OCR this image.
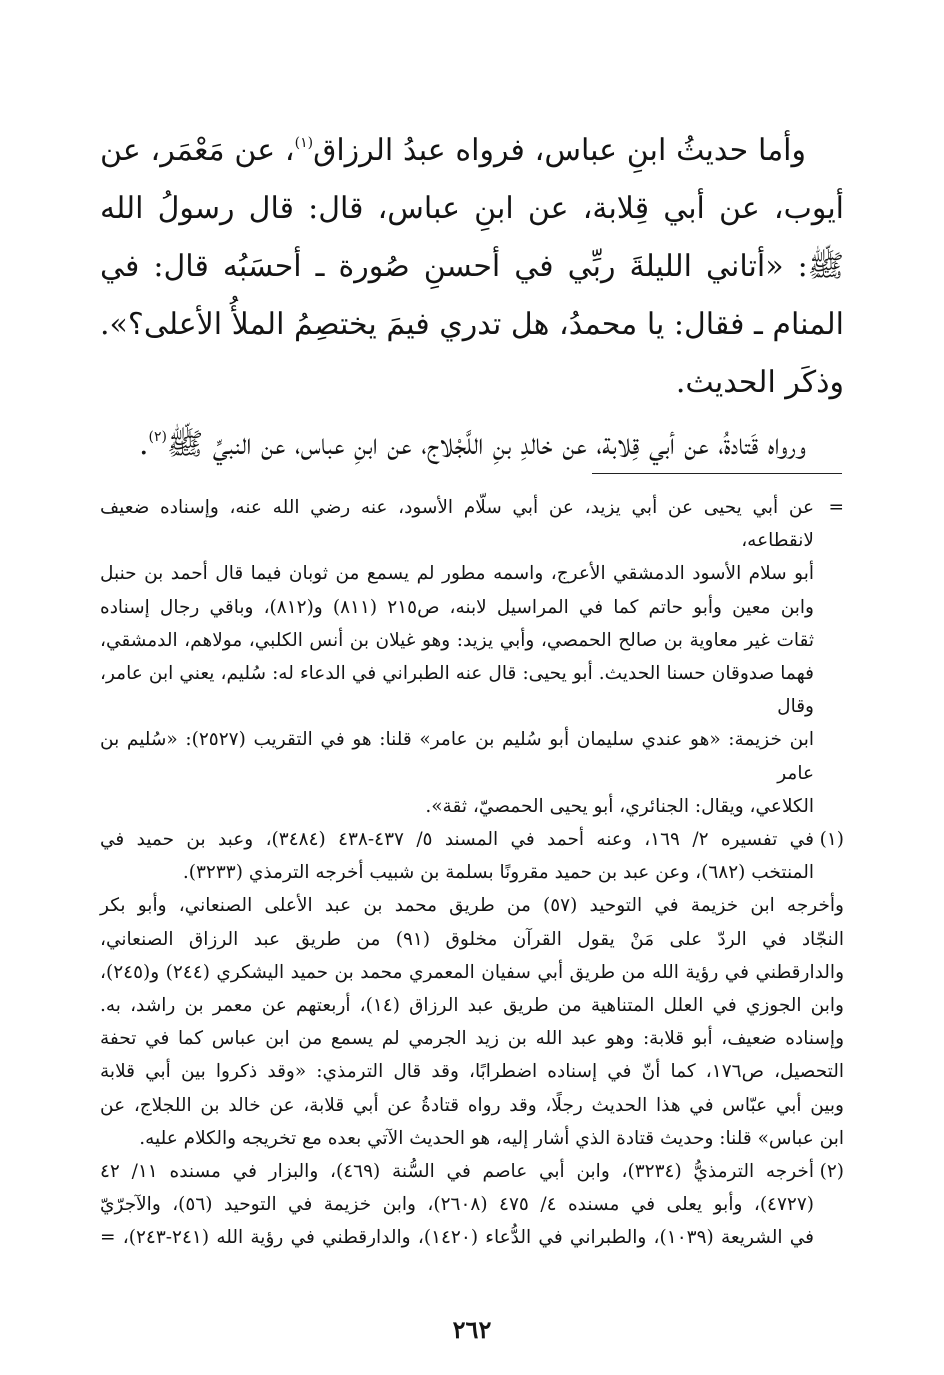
وأما حديثُ ابنِ عباس، فرواه عبدُ الرزاق$^{(١)}$، عن مَعْمَر، عن أيوب، عن أبي قِلابة، عن ابنِ عباس، قال: قال رسولُ الله ﷺ: «أتاني الليلةَ ربِّي في أحسنِ صُورة ـ أحسَبُه قال: في المنام ـ فقال: يا محمدُ، هل تدري فيمَ يختصِمُ الملأُ الأعلى؟». وذكَر الحديث.

ورواه قَتادةُ، عن أبي قِلابة، عن خالدِ بنِ اللَّجْلاج، عن ابنِ عباس، عن النبيِّ ﷺ$^{(٢)}$.

=
عن أبي يحيى عن أبي يزيد، عن أبي سلّام الأسود، عنه رضي الله عنه، وإسناده ضعيف لانقطاعه،
أبو سلام الأسود الدمشقي الأعرج، واسمه مطور لم يسمع من ثوبان فيما قال أحمد بن حنبل
وابن معين وأبو حاتم كما في المراسيل لابنه، ص٢١٥ (٨١١) و(٨١٢)، وباقي رجال إسناده
ثقات غير معاوية بن صالح الحمصي، وأبي يزيد: وهو غيلان بن أنس الكلبي، مولاهم، الدمشقي،
فهما صدوقان حسنا الحديث. أبو يحيى: قال عنه الطبراني في الدعاء له: سُليم، يعني ابن عامر، وقال
ابن خزيمة: «هو عندي سليمان أبو سُليم بن عامر» قلنا: هو في التقريب (٢٥٢٧): «سُليم بن عامر
الكلاعي، ويقال: الجنائري، أبو يحيى الحمصيّ، ثقة».
(١)
في تفسيره ٢/ ١٦٩، وعنه أحمد في المسند ٥/ ٤٣٧-٤٣٨ (٣٤٨٤)، وعبد بن حميد في
المنتخب (٦٨٢)، وعن عبد بن حميد مقرونًا بسلمة بن شبيب أخرجه الترمذي (٣٢٣٣).
وأخرجه ابن خزيمة في التوحيد (٥٧) من طريق محمد بن عبد الأعلى الصنعاني، وأبو بكر
النجّاد في الردّ على مَنْ يقول القرآن مخلوق (٩١) من طريق عبد الرزاق الصنعاني،
والدارقطني في رؤية الله من طريق أبي سفيان المعمري محمد بن حميد اليشكري (٢٤٤) و(٢٤٥)،
وابن الجوزي في العلل المتناهية من طريق عبد الرزاق (١٤)، أربعتهم عن معمر بن راشد، به.
وإسناده ضعيف، أبو قلابة: وهو عبد الله بن زيد الجرمي لم يسمع من ابن عباس كما في تحفة
التحصيل، ص١٧٦، كما أنّ في إسناده اضطرابًا، وقد قال الترمذي: «وقد ذكروا بين أبي قلابة
وبين أبي عبّاس في هذا الحديث رجلًا، وقد رواه قتادةُ عن أبي قلابة، عن خالد بن اللجلاج، عن
ابن عباس» قلنا: وحديث قتادة الذي أشار إليه، هو الحديث الآتي بعده مع تخريجه والكلام عليه.
(٢)
أخرجه الترمذيُّ (٣٢٣٤)، وابن أبي عاصم في السُّنة (٤٦٩)، والبزار في مسنده ١١/ ٤٢
(٤٧٢٧)، وأبو يعلى في مسنده ٤/ ٤٧٥ (٢٦٠٨)، وابن خزيمة في التوحيد (٥٦)، والآجرّيّ
في الشريعة (١٠٣٩)، والطبراني في الدُّعاء (١٤٢٠)، والدارقطني في رؤية الله (٢٤١-٢٤٣)، =
٢٦٢
